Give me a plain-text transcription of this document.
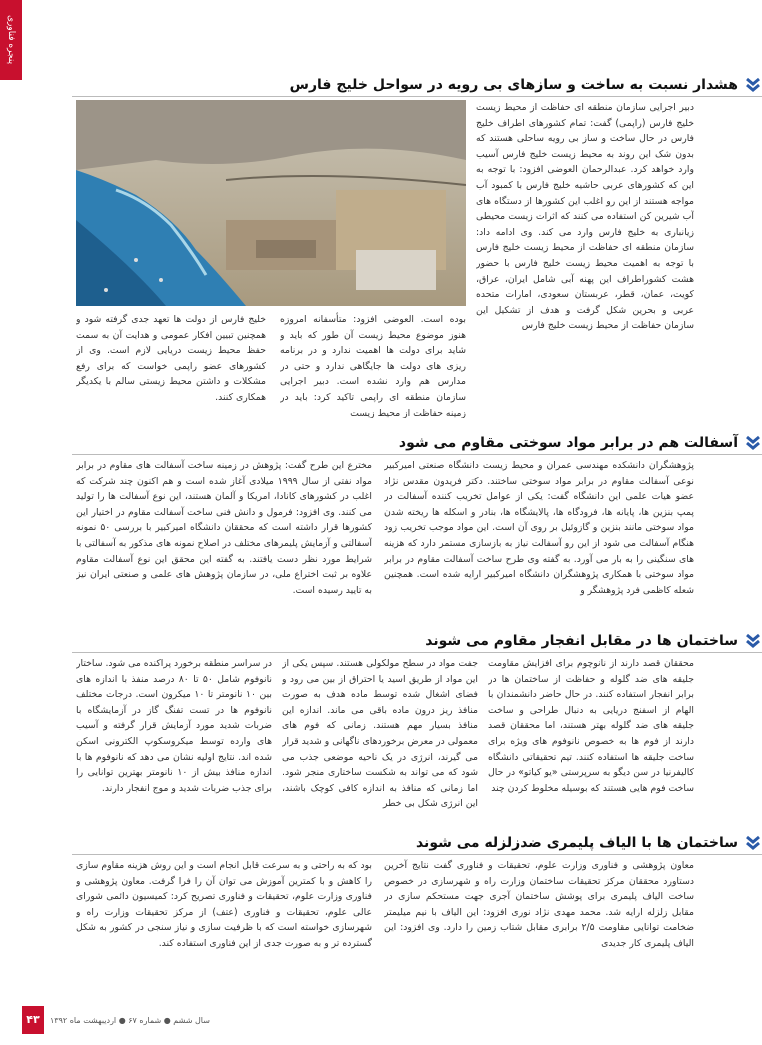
پنجره فناوری
هشدار نسبت به ساخت و سازهای بی رویه در سواحل خلیج فارس

دبیر اجرایی سازمان منطقه ای حفاظت از محیط زیست خلیج فارس (راپمی) گفت: تمام کشورهای اطراف خلیج فارس در حال ساخت و ساز بی رویه ساحلی هستند که بدون شک این روند به محیط زیست خلیج فارس آسیب وارد خواهد کرد. عبدالرحمان العوضی افزود: با توجه به این که کشورهای عربی حاشیه خلیج فارس با کمبود آب مواجه هستند از این رو اغلب این کشورها از دستگاه های آب شیرین کن استفاده می کنند که اثرات زیست محیطی زیانباری به خلیج فارس وارد می کند. وی ادامه داد: سازمان منطقه ای حفاظت از محیط زیست خلیج فارس با توجه به اهمیت محیط زیست خلیج فارس با حضور هشت کشوراطراف این پهنه آبی شامل ایران، عراق، کویت، عمان، قطر، عربستان سعودی، امارات متحده عربی و بحرین شکل گرفت و هدف از تشکیل این سازمان حفاظت از محیط زیست خلیج فارس

بوده است. العوضی افزود: متأسفانه امروزه هنوز موضوع محیط زیست آن طور که باید و شاید برای دولت ها اهمیت ندارد و در برنامه ریزی های دولت ها جایگاهی ندارد و حتی در مدارس هم وارد نشده است. دبیر اجرایی سازمان منطقه ای راپمی تاکید کرد: باید در زمینه حفاظت از محیط زیست

خلیج فارس از دولت ها تعهد جدی گرفته شود و همچنین تبیین افکار عمومی و هدایت آن به سمت حفظ محیط زیست دریایی لازم است. وی از کشورهای عضو راپمی خواست که برای رفع مشکلات و داشتن محیط زیستی سالم با یکدیگر همکاری کنند.

آسفالت هم در برابر مواد سوختی مقاوم می شود

پژوهشگران دانشکده مهندسی عمران و محیط زیست دانشگاه صنعتی امیرکبیر نوعی آسفالت مقاوم در برابر مواد سوختی ساختند. دکتر فریدون مقدس نژاد عضو هیات علمی این دانشگاه گفت: یکی از عوامل تخریب کننده آسفالت در پمپ بنزین ها، پایانه ها، فرودگاه ها، پالایشگاه ها، بنادر و اسکله ها ریخته شدن مواد سوختی مانند بنزین و گازوئیل بر روی آن است. این مواد موجب تخریب زود هنگام آسفالت می شود از این رو آسفالت نیاز به بازسازی مستمر دارد که هزینه های سنگینی را به بار می آورد. به گفته وی طرح ساخت آسفالت مقاوم در برابر مواد سوختی با همکاری پژوهشگران دانشگاه امیرکبیر ارایه شده است. همچنین شعله کاظمی فرد پژوهشگر و

مخترع این طرح گفت: پژوهش در زمینه ساخت آسفالت های مقاوم در برابر مواد نفتی از سال ۱۹۹۹ میلادی آغاز شده است و هم اکنون چند شرکت که اغلب در کشورهای کانادا، امریکا و آلمان هستند، این نوع آسفالت ها را تولید می کنند. وی افزود: فرمول و دانش فنی ساخت آسفالت مقاوم در اختیار این کشورها قرار داشته است که محققان دانشگاه امیرکبیر با بررسی ۵۰ نمونه آسفالتی و آزمایش پلیمرهای مختلف در اصلاح نمونه های مذکور به آسفالتی با شرایط مورد نظر دست یافتند. به گفته این محقق این نوع آسفالت مقاوم علاوه بر ثبت اختراع ملی، در سازمان پژوهش های علمی و صنعتی ایران نیز به تایید رسیده است.

ساختمان ها در مقابل انفجار مقاوم می شوند

محققان قصد دارند از نانوچوم برای افزایش مقاومت جلیقه های ضد گلوله و حفاظت از ساختمان ها در برابر انفجار استفاده کنند. در حال حاضر دانشمندان با الهام از اسفنج دریایی به دنبال طراحی و ساخت جلیقه های ضد گلوله بهتر هستند، اما محققان قصد دارند از فوم ها به خصوص نانوفوم های ویژه برای ساخت جلیقه ها استفاده کنند. تیم تحقیقاتی دانشگاه کالیفرنیا در سن دیگو به سرپرستی «یو کیاتو» در حال ساخت فوم هایی هستند که بوسیله مخلوط کردن چند

جفت مواد در سطح مولکولی هستند. سپس یکی از این مواد از طریق اسید یا احتراق از بین می رود و فضای اشغال شده توسط ماده هدف به صورت منافذ ریز درون ماده باقی می ماند. اندازه این منافذ بسیار مهم هستند. زمانی که فوم های معمولی در معرض برخوردهای ناگهانی و شدید قرار می گیرند، انرژی در یک ناحیه موضعی جذب می شود که می تواند به شکست ساختاری منجر شود. اما زمانی که منافذ به اندازه کافی کوچک باشند، این انرژی شکل بی خطر

در سراسر منطقه برخورد پراکنده می شود. ساختار نانوفوم شامل ۵۰ تا ۸۰ درصد منفذ با اندازه های بین ۱۰ نانومتر تا ۱۰ میکرون است. درجات مختلف نانوفوم ها در تست تفنگ گاز در آزمایشگاه با ضربات شدید مورد آزمایش قرار گرفته و آسیب های وارده توسط میکروسکوپ الکترونی اسکن شده اند. نتایج اولیه نشان می دهد که نانوفوم ها با اندازه منافذ بیش از ۱۰ نانومتر بهترین توانایی را برای جذب ضربات شدید و موج انفجار دارند.

ساختمان ها با الیاف پلیمری ضدزلزله می شوند

معاون پژوهشی و فناوری وزارت علوم، تحقیقات و فناوری گفت نتایج آخرین دستاورد محققان مرکز تحقیقات ساختمان وزارت راه و شهرسازی در خصوص ساخت الیاف پلیمری برای پوشش ساختمان آجری جهت مستحکم سازی در مقابل زلزله ارایه شد. محمد مهدی نژاد نوری افزود: این الیاف با نیم میلیمتر ضخامت توانایی مقاومت ۲/۵ برابری مقابل شتاب زمین را دارد. وی افزود: این الیاف پلیمری کار جدیدی

بود که به راحتی و به سرعت قابل انجام است و این روش هزینه مقاوم سازی را کاهش و با کمترین آموزش می توان آن را فرا گرفت. معاون پژوهشی و فناوری وزارت علوم، تحقیقات و فناوری تصریح کرد: کمیسیون دائمی شورای عالی علوم، تحقیقات و فناوری (عتف) از مرکز تحقیقات وزارت راه و شهرسازی خواسته است که با ظرفیت سازی و نیاز سنجی در کشور به شکل گسترده تر و به صورت جدی از این فناوری استفاده کند.

۴۳	سال ششم ● شماره ۶۷ ● اردیبهشت ماه ۱۳۹۲
